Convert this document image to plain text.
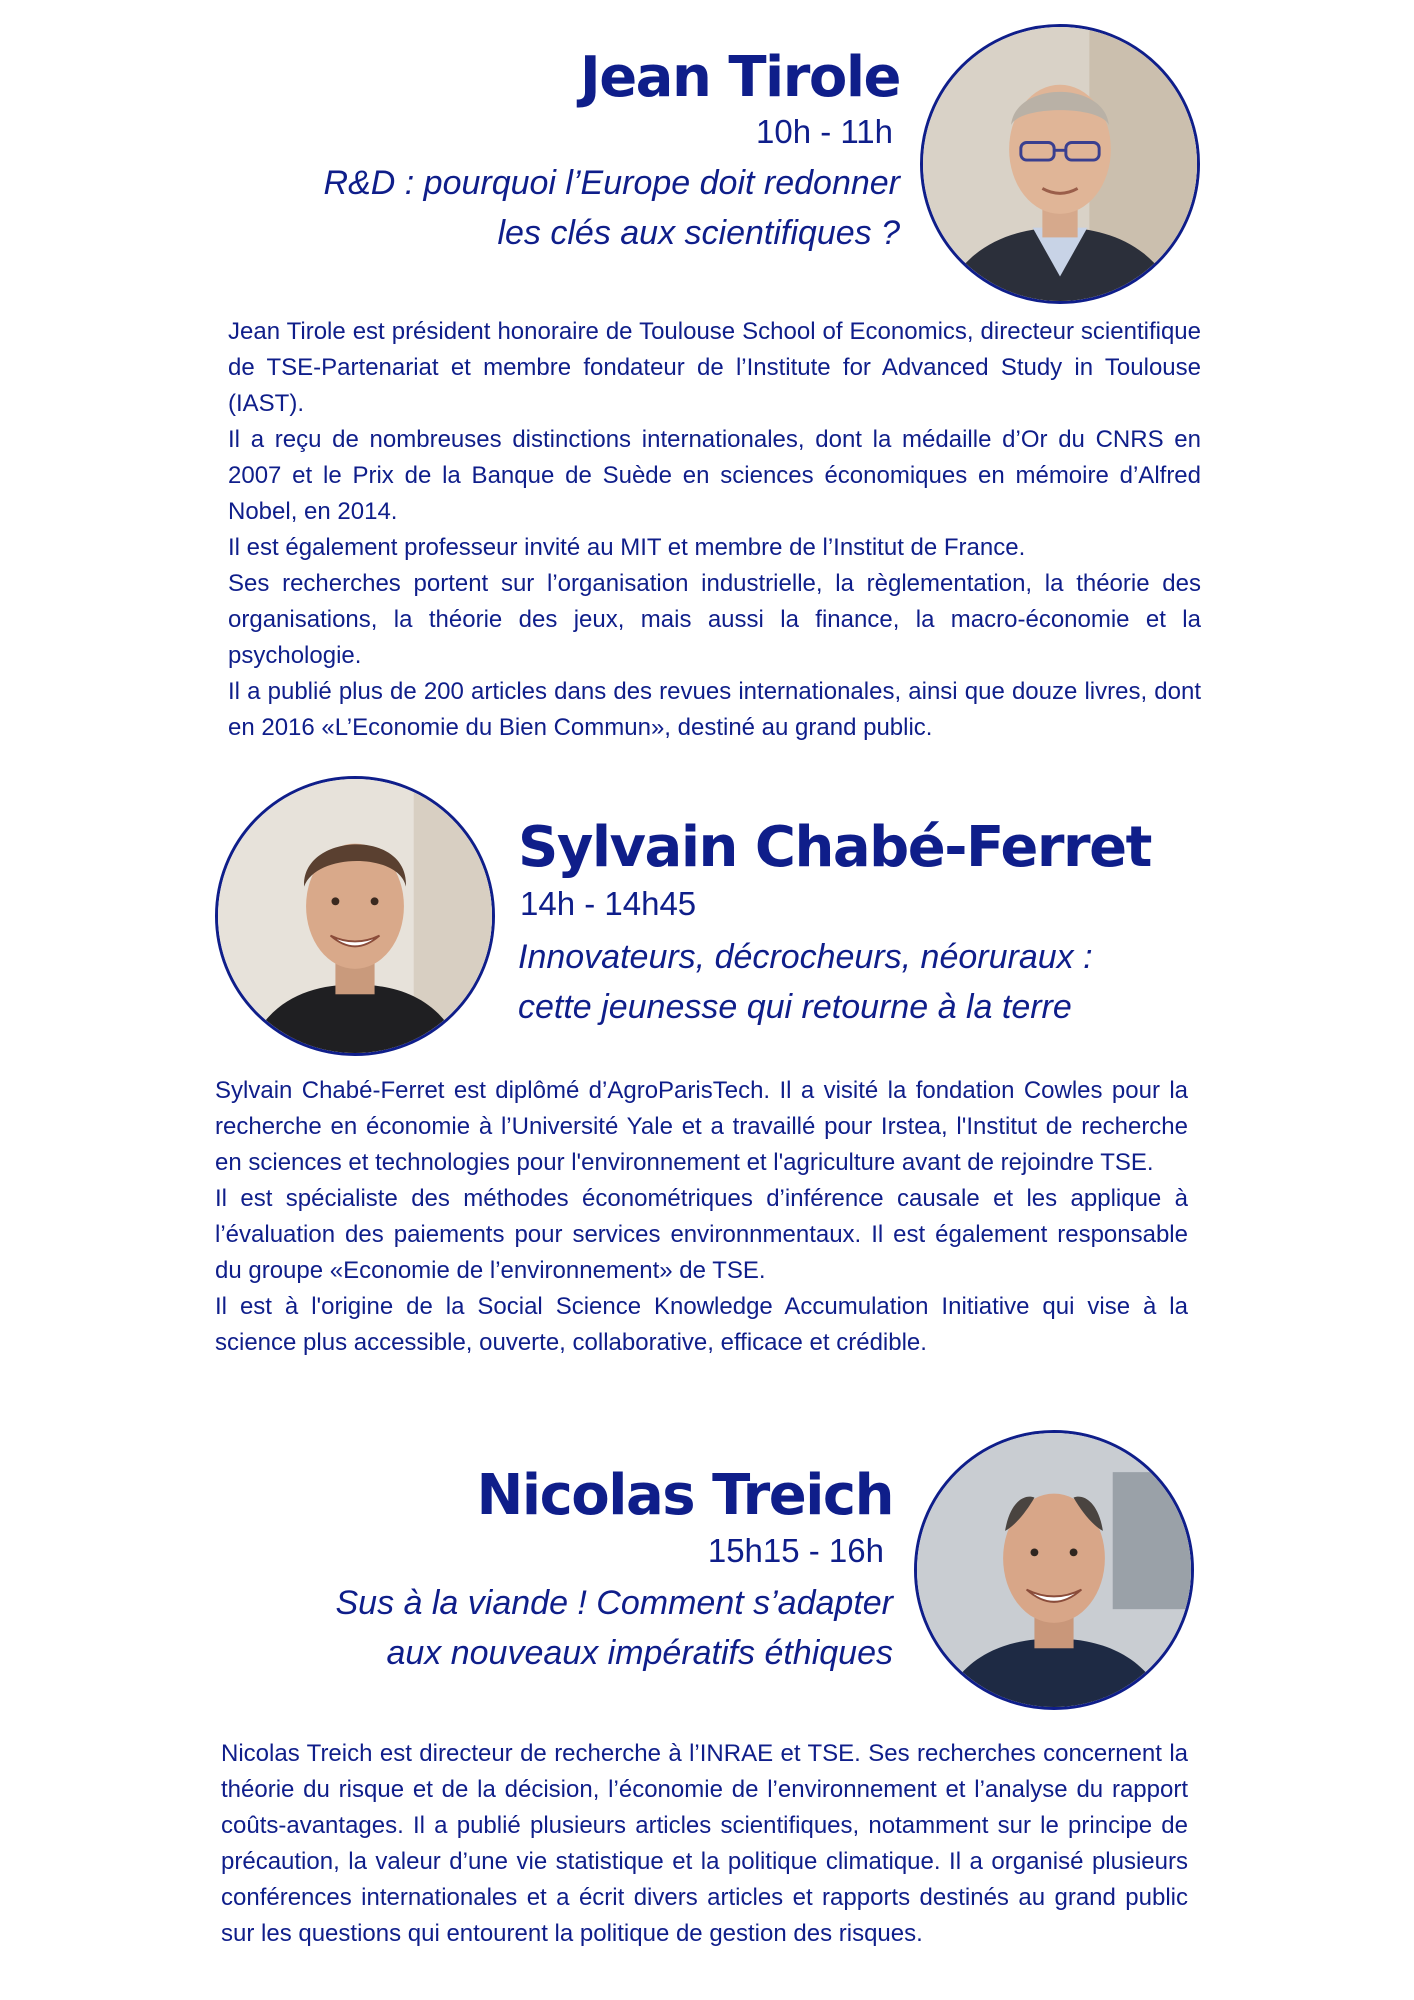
Jean Tirole
10h - 11h
R&D : pourquoi l’Europe doit redonner
les clés aux scientifiques ?

Jean Tirole est président honoraire de Toulouse School of Economics, directeur scientifique de TSE-Partenariat et membre fondateur de l’Institute for Advanced Study in Toulouse (IAST).

Il a reçu de nombreuses distinctions internationales, dont la médaille d’Or du CNRS en 2007 et le Prix de la Banque de Suède en sciences économiques en mémoire d’Alfred Nobel, en 2014.

Il est également professeur invité au MIT et membre de l’Institut de France.

Ses recherches portent sur l’organisation industrielle, la règlementation, la théorie des organisations, la théorie des jeux, mais aussi la finance, la macro-économie et la psychologie.

Il a publié plus de 200 articles dans des revues internationales, ainsi que douze livres, dont en 2016 «L’Economie du Bien Commun», destiné au grand public.

Sylvain Chabé-Ferret
14h - 14h45
Innovateurs, décrocheurs, néoruraux :
cette jeunesse qui retourne à la terre

Sylvain Chabé-Ferret est diplômé d’AgroParisTech. Il a visité la fondation Cowles pour la recherche en économie à l’Université Yale et a travaillé pour Irstea, l'Institut de recherche en sciences et technologies pour l'environnement et l'agriculture avant de rejoindre TSE.

Il est spécialiste des méthodes économétriques d’inférence causale et les applique à l’évaluation des paiements pour services environnmentaux. Il est également responsable du groupe «Economie de l’environnement» de TSE.

Il est à l'origine de la Social Science Knowledge Accumulation Initiative qui vise à la science plus accessible, ouverte, collaborative, efficace et crédible.

Nicolas Treich
15h15 - 16h
Sus à la viande ! Comment s’adapter
aux nouveaux impératifs éthiques

Nicolas Treich est directeur de recherche à l’INRAE et TSE. Ses recherches concernent la théorie du risque et de la décision, l’économie de l’environnement et l’analyse du rapport coûts-avantages. Il a publié plusieurs articles scientifiques, notamment sur le principe de précaution, la valeur d’une vie statistique et la politique climatique. Il a organisé plusieurs conférences internationales et a écrit divers articles et rapports destinés au grand public sur les questions qui entourent la politique de gestion des risques.
